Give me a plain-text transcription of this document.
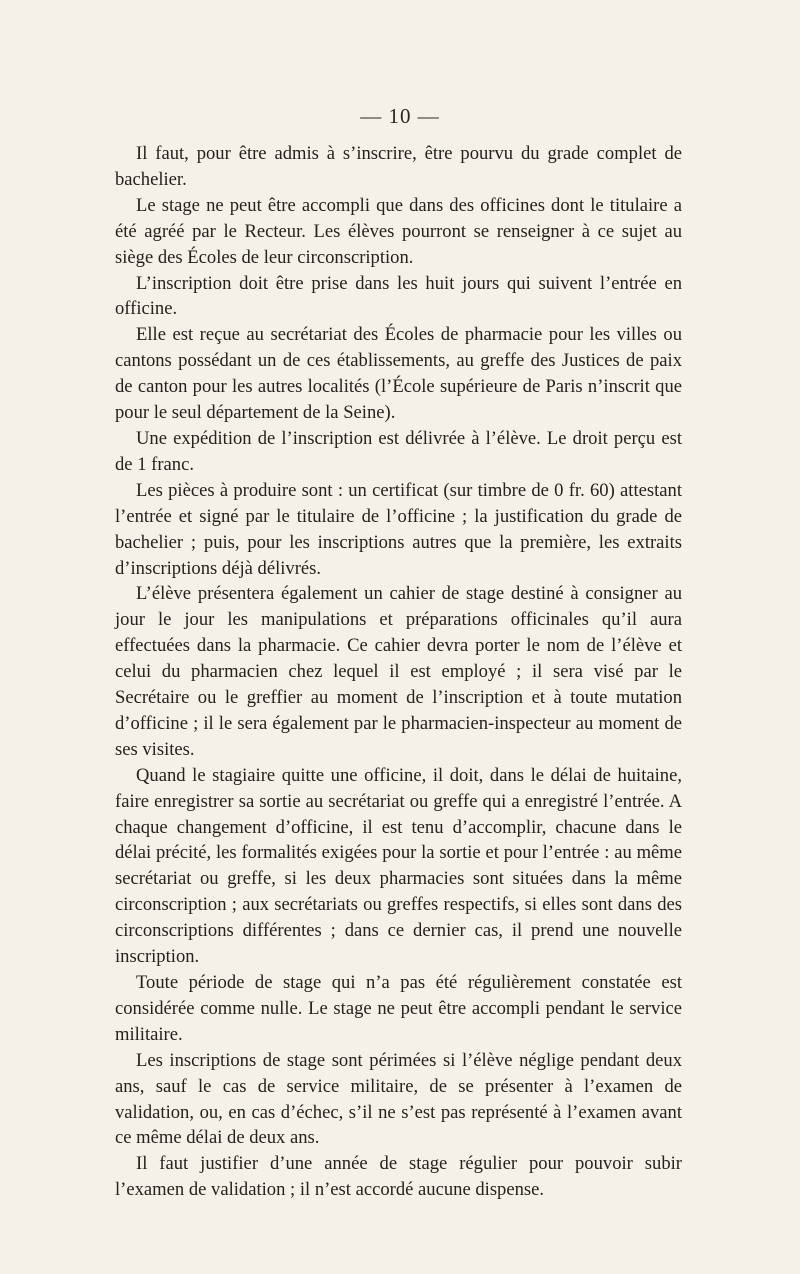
— 10 —

Il faut, pour être admis à s’inscrire, être pourvu du grade complet de bachelier.

Le stage ne peut être accompli que dans des officines dont le titulaire a été agréé par le Recteur. Les élèves pourront se renseigner à ce sujet au siège des Écoles de leur circonscription.

L’inscription doit être prise dans les huit jours qui suivent l’entrée en officine.

Elle est reçue au secrétariat des Écoles de pharmacie pour les villes ou cantons possédant un de ces établissements, au greffe des Justices de paix de canton pour les autres localités (l’École supérieure de Paris n’inscrit que pour le seul département de la Seine).

Une expédition de l’inscription est délivrée à l’élève. Le droit perçu est de 1 franc.

Les pièces à produire sont : un certificat (sur timbre de 0 fr. 60) attestant l’entrée et signé par le titulaire de l’officine ; la justification du grade de bachelier ; puis, pour les inscriptions autres que la première, les extraits d’inscriptions déjà délivrés.

L’élève présentera également un cahier de stage destiné à consigner au jour le jour les manipulations et préparations officinales qu’il aura effectuées dans la pharmacie. Ce cahier devra porter le nom de l’élève et celui du pharmacien chez lequel il est employé ; il sera visé par le Secrétaire ou le greffier au moment de l’inscription et à toute mutation d’officine ; il le sera également par le pharmacien-inspecteur au moment de ses visites.

Quand le stagiaire quitte une officine, il doit, dans le délai de huitaine, faire enregistrer sa sortie au secrétariat ou greffe qui a enregistré l’entrée. A chaque changement d’officine, il est tenu d’accomplir, chacune dans le délai précité, les formalités exigées pour la sortie et pour l’entrée : au même secrétariat ou greffe, si les deux pharmacies sont situées dans la même circonscription ; aux secrétariats ou greffes respectifs, si elles sont dans des circonscriptions différentes ; dans ce dernier cas, il prend une nouvelle inscription.

Toute période de stage qui n’a pas été régulièrement constatée est considérée comme nulle. Le stage ne peut être accompli pendant le service militaire.

Les inscriptions de stage sont périmées si l’élève néglige pendant deux ans, sauf le cas de service militaire, de se présenter à l’examen de validation, ou, en cas d’échec, s’il ne s’est pas représenté à l’examen avant ce même délai de deux ans.

Il faut justifier d’une année de stage régulier pour pouvoir subir l’examen de validation ; il n’est accordé aucune dispense.
